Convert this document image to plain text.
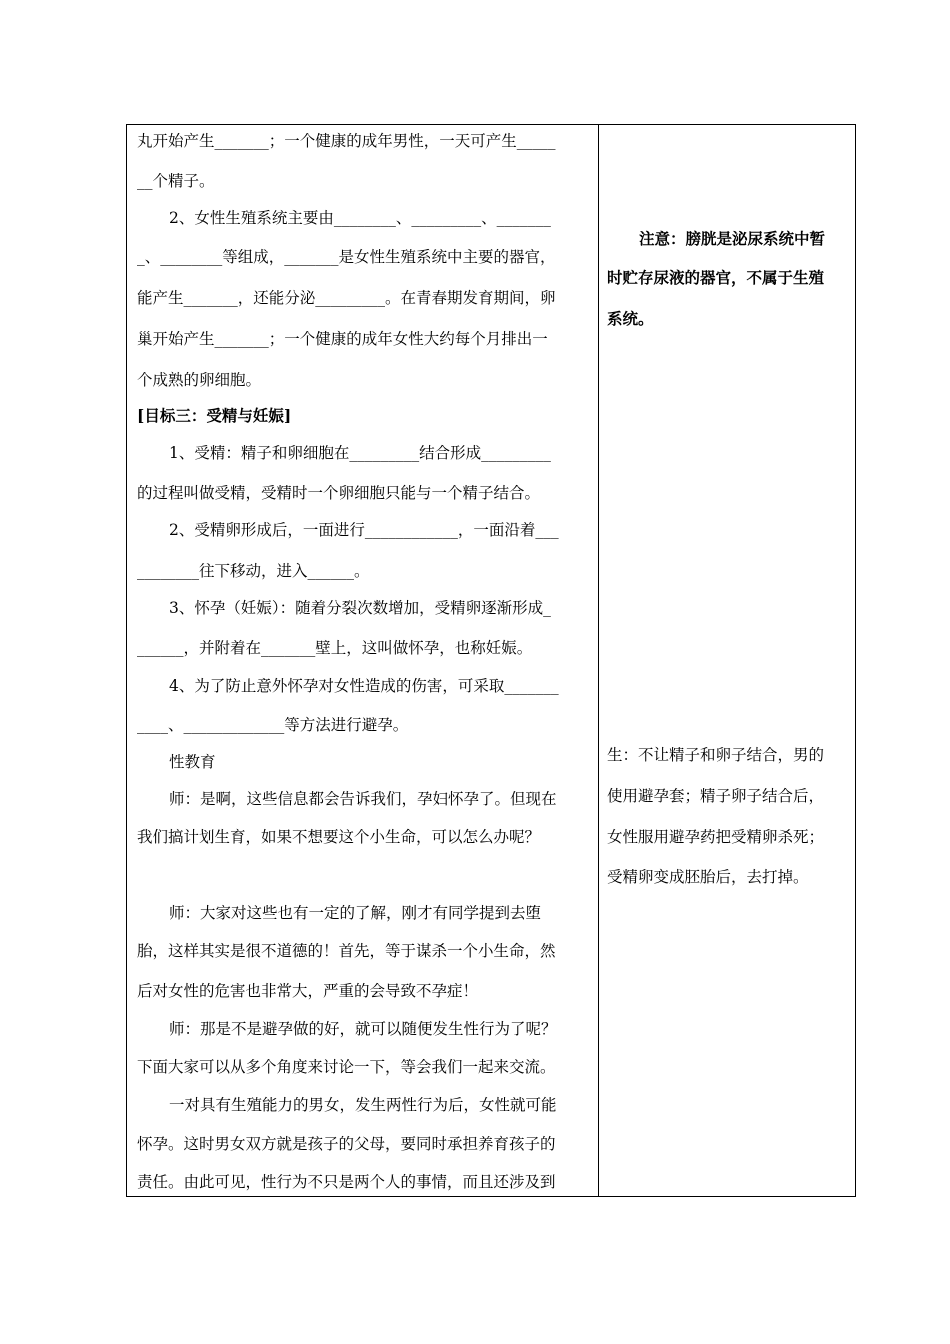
丸开始产生_______；一个健康的成年男性，一天可产生_____
__个精子。
2、女性生殖系统主要由________、_________、_______
_、________等组成，_______是女性生殖系统中主要的器官，
能产生_______，还能分泌_________。在青春期发育期间，卵
巢开始产生_______；一个健康的成年女性大约每个月排出一
个成熟的卵细胞。
[目标三：受精与妊娠]
1、受精：精子和卵细胞在_________结合形成_________
的过程叫做受精，受精时一个卵细胞只能与一个精子结合。
2、受精卵形成后，一面进行____________，一面沿着___
________往下移动，进入______。
3、怀孕（妊娠）：随着分裂次数增加，受精卵逐渐形成_
______，并附着在_______壁上，这叫做怀孕，也称妊娠。
4、为了防止意外怀孕对女性造成的伤害，可采取_______
____、_____________等方法进行避孕。
性教育
师：是啊，这些信息都会告诉我们，孕妇怀孕了。但现在
我们搞计划生育，如果不想要这个小生命，可以怎么办呢？
师：大家对这些也有一定的了解，刚才有同学提到去堕
胎，这样其实是很不道德的！首先，等于谋杀一个小生命，然
后对女性的危害也非常大，严重的会导致不孕症！
师：那是不是避孕做的好，就可以随便发生性行为了呢？
下面大家可以从多个角度来讨论一下，等会我们一起来交流。
一对具有生殖能力的男女，发生两性行为后，女性就可能
怀孕。这时男女双方就是孩子的父母，要同时承担养育孩子的
责任。由此可见，性行为不只是两个人的事情，而且还涉及到
注意：膀胱是泌尿系统中暂
时贮存尿液的器官，不属于生殖
系统。
生：不让精子和卵子结合，男的
使用避孕套；精子卵子结合后，
女性服用避孕药把受精卵杀死；
受精卵变成胚胎后，去打掉。
